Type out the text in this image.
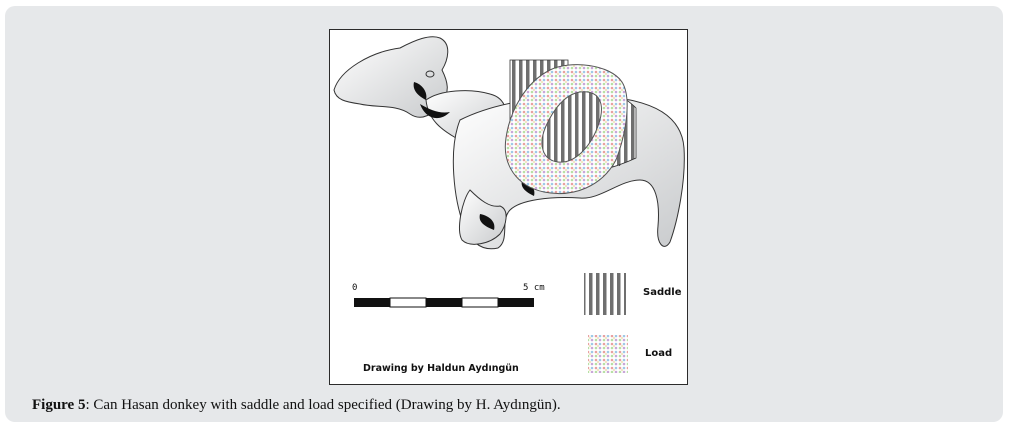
0	5 cm	Saddle
Load
Drawing by Haldun Aydıngün
Figure 5: Can Hasan donkey with saddle and load specified (Drawing by H. Aydıngün).
